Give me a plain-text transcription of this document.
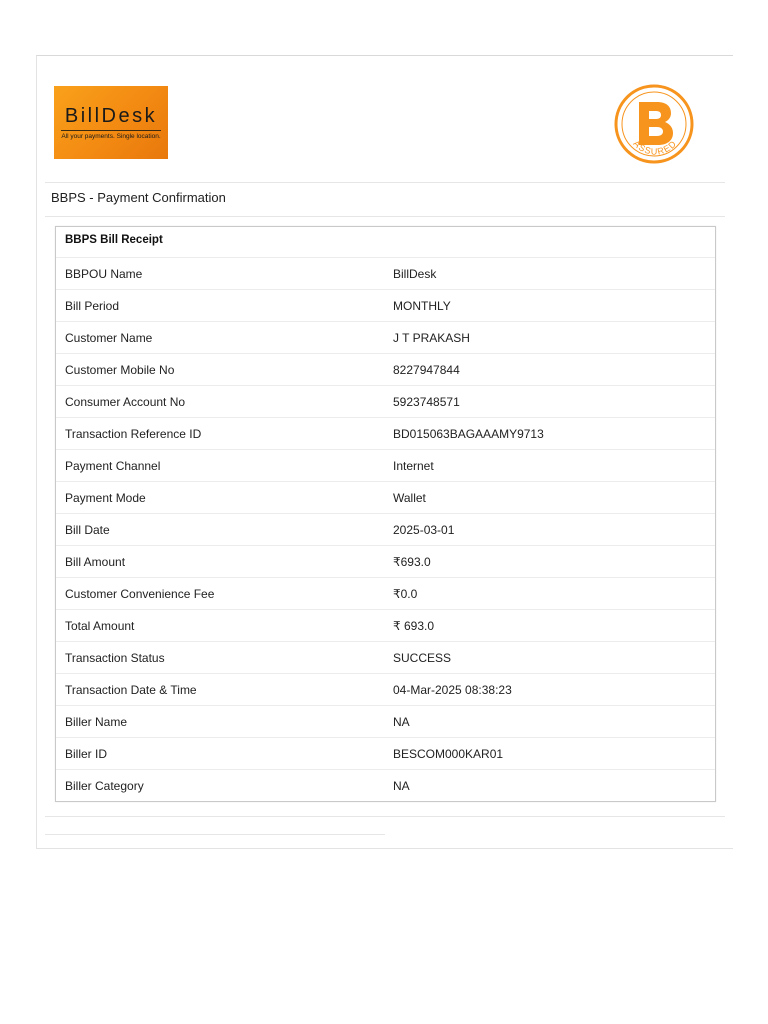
BillDesk
All your payments. Single location.
ASSURED
BBPS - Payment Confirmation
BBPS Bill Receipt
BBPOU Name	BillDesk
Bill Period	MONTHLY
Customer Name	J T PRAKASH
Customer Mobile No	8227947844
Consumer Account No	5923748571
Transaction Reference ID	BD015063BAGAAAMY9713
Payment Channel	Internet
Payment Mode	Wallet
Bill Date	2025-03-01
Bill Amount	₹693.0
Customer Convenience Fee	₹0.0
Total Amount	₹ 693.0
Transaction Status	SUCCESS
Transaction Date & Time	04-Mar-2025 08:38:23
Biller Name	NA
Biller ID	BESCOM000KAR01
Biller Category	NA
